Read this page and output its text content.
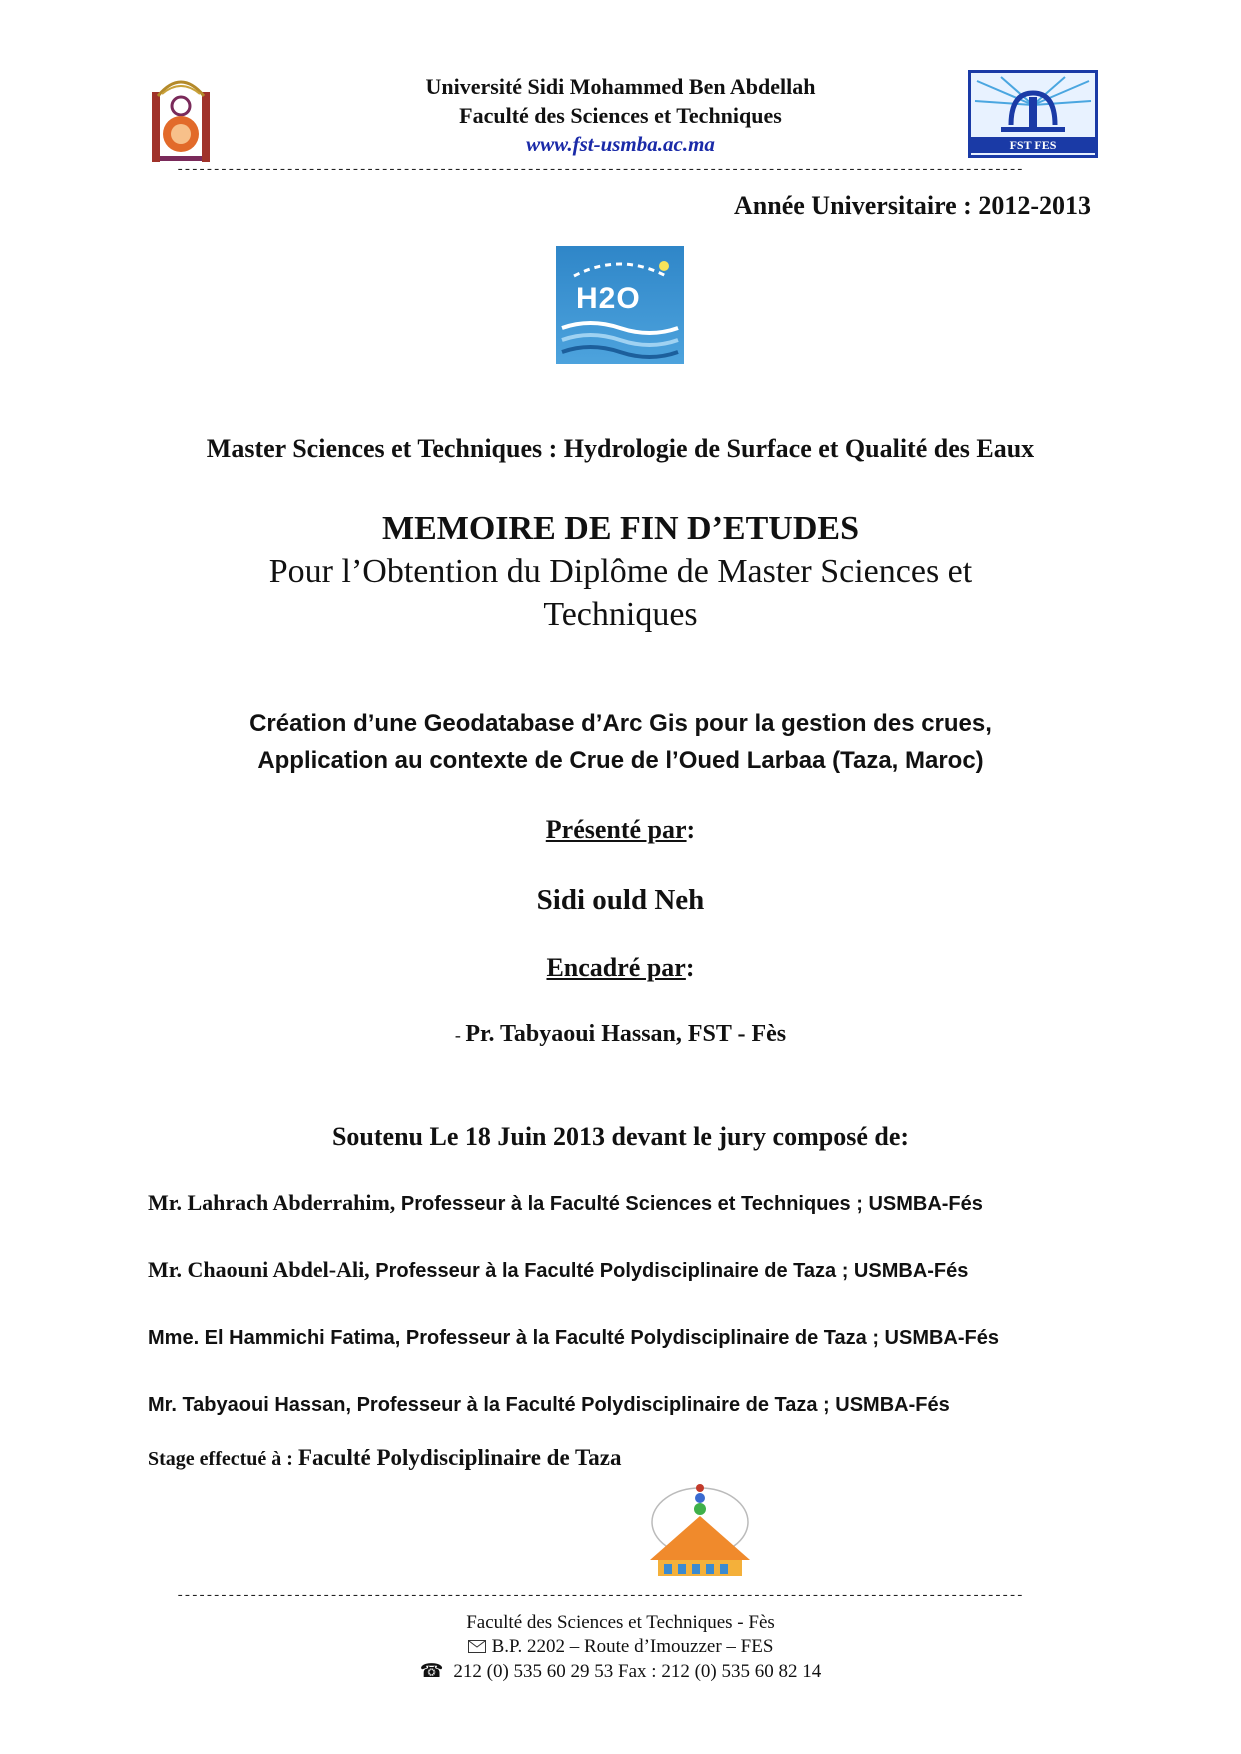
Université Sidi Mohammed Ben Abdellah
Faculté des Sciences et Techniques
www.fst-usmba.ac.ma	FST FES
--------------------------------------------------------------------------------------------------------------------
Année Universitaire : 2012-2013
H2O
Master Sciences et Techniques : Hydrologie de Surface et Qualité des Eaux
MEMOIRE DE FIN D’ETUDES
Pour l’Obtention du Diplôme de Master Sciences et
Techniques
Création d’une Geodatabase d’Arc Gis pour la gestion des crues,
Application au contexte de Crue de l’Oued Larbaa (Taza, Maroc)
Présenté par:
Sidi ould Neh
Encadré par:
- Pr. Tabyaoui Hassan, FST - Fès
Soutenu Le 18 Juin 2013 devant le jury composé de:
Mr. Lahrach Abderrahim, Professeur à la Faculté Sciences et Techniques ; USMBA-Fés
Mr. Chaouni Abdel-Ali, Professeur à la Faculté Polydisciplinaire de Taza ; USMBA-Fés
Mme. El Hammichi Fatima, Professeur à la Faculté Polydisciplinaire de Taza ; USMBA-Fés
Mr. Tabyaoui Hassan, Professeur à la Faculté Polydisciplinaire de Taza ; USMBA-Fés
Stage effectué à : Faculté Polydisciplinaire de Taza
--------------------------------------------------------------------------------------------------------------------
Faculté des Sciences et Techniques - Fès
B.P. 2202 – Route d’Imouzzer – FES
☎ 212 (0) 535 60 29 53 Fax : 212 (0) 535 60 82 14
